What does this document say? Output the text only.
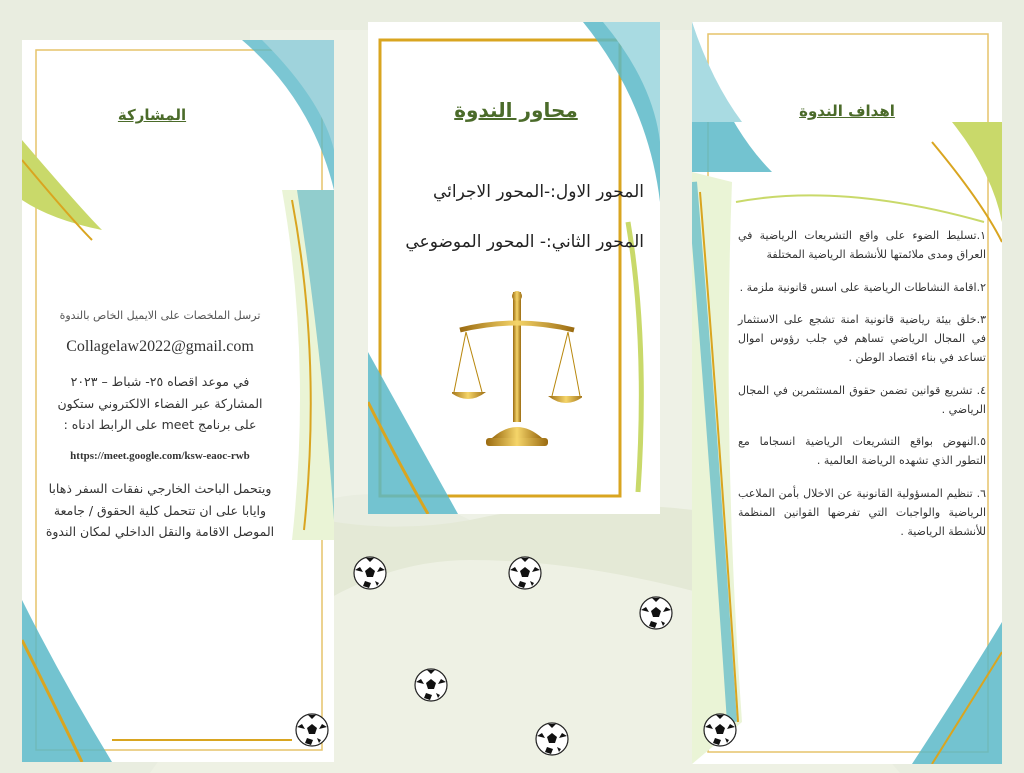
المشاركة
ترسل الملخصات على الايميل الخاص بالندوة
Collagelaw2022@gmail.com
في موعد اقصاه ٢٥- شباط – ٢٠٢٣
المشاركة عبر الفضاء الالكتروني ستكون
على برنامج meet على الرابط ادناه :
https://meet.google.com/ksw-eaoc-rwb
ويتحمل الباحث الخارجي نفقات السفر ذهابا
وايابا على ان تتحمل كلية الحقوق / جامعة
الموصل الاقامة والنقل الداخلي لمكان الندوة
محاور الندوة
المحور الاول:-المحور الاجرائي
المحور الثاني:- المحور الموضوعي
اهداف الندوة

١.تسليط الضوء على واقع التشريعات الرياضية في العراق ومدى ملائمتها للأنشطة الرياضية المختلفة

٢.اقامة النشاطات الرياضية على اسس قانونية ملزمة .

٣.خلق بيئة رياضية قانونية امنة تشجع على الاستثمار في المجال الرياضي تساهم في جلب رؤوس اموال تساعد في بناء اقتصاد الوطن .

٤. تشريع قوانين تضمن حقوق المستثمرين في المجال الرياضي .

٥.النهوض بواقع التشريعات الرياضية انسجاما مع التطور الذي تشهده الرياضة العالمية .

٦. تنظيم المسؤولية القانونية عن الاخلال بأمن الملاعب الرياضية والواجبات التي تفرضها القوانين المنظمة للأنشطة الرياضية .
